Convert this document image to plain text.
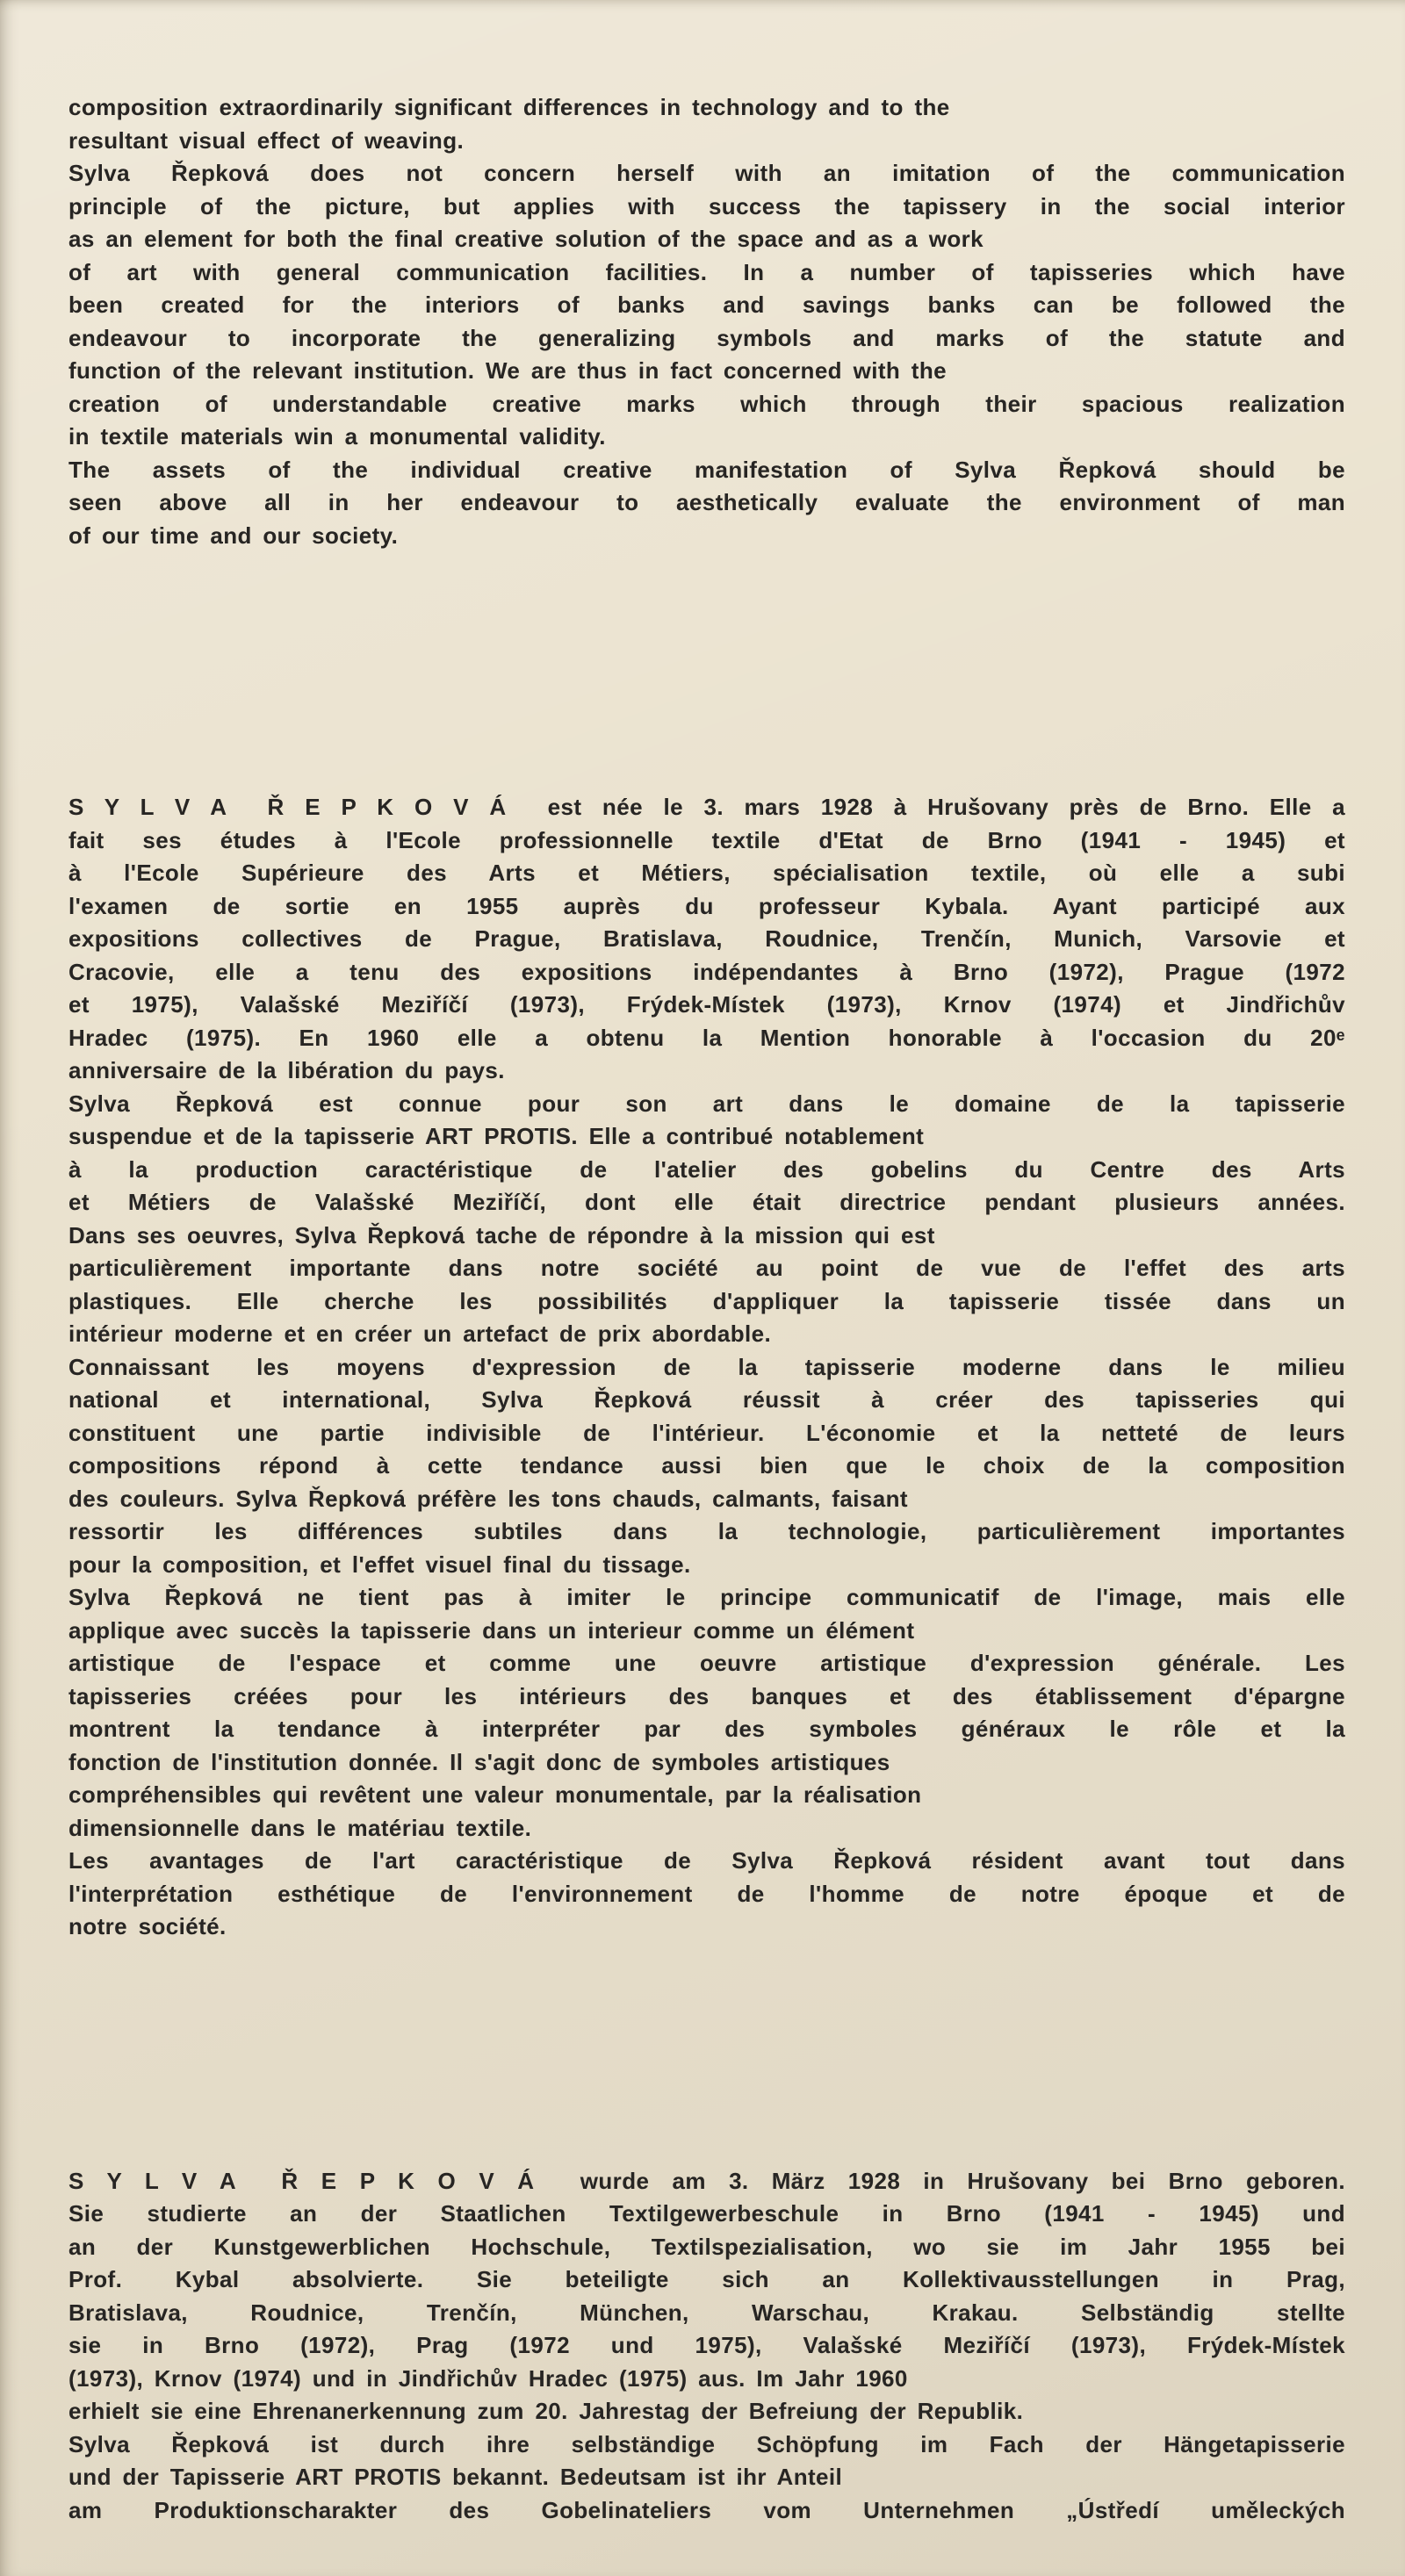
composition extraordinarily significant differences in technology and to the
resultant visual effect of weaving.
Sylva Řepková does not concern herself with an imitation of the communication
principle of the picture, but applies with success the tapissery in the social interior
as an element for both the final creative solution of the space and as a work
of art with general communication facilities. In a number of tapisseries which have
been created for the interiors of banks and savings banks can be followed the
endeavour to incorporate the generalizing symbols and marks of the statute and
function of the relevant institution. We are thus in fact concerned with the
creation of understandable creative marks which through their spacious realization
in textile materials win a monumental validity.
The assets of the individual creative manifestation of Sylva Řepková should be
seen above all in her endeavour to aesthetically evaluate the environment of man
of our time and our society.
S Y L V A  Ř E P K O V Á  est née le 3. mars 1928 à Hrušovany près de Brno. Elle a
fait ses études à l'Ecole professionnelle textile d'Etat de Brno (1941 - 1945) et
à l'Ecole Supérieure des Arts et Métiers, spécialisation textile, où elle a subi
l'examen de sortie en 1955 auprès du professeur Kybala. Ayant participé aux
expositions collectives de Prague, Bratislava, Roudnice, Trenčín, Munich, Varsovie et
Cracovie, elle a tenu des expositions indépendantes à Brno (1972), Prague (1972
et 1975), Valašské Meziříčí (1973), Frýdek-Místek (1973), Krnov (1974) et Jindřichův
Hradec (1975). En 1960 elle a obtenu la Mention honorable à l'occasion du 20ᵉ
anniversaire de la libération du pays.
Sylva Řepková est connue pour son art dans le domaine de la tapisserie
suspendue et de la tapisserie ART PROTIS. Elle a contribué notablement
à la production caractéristique de l'atelier des gobelins du Centre des Arts
et Métiers de Valašské Meziříčí, dont elle était directrice pendant plusieurs années.
Dans ses oeuvres, Sylva Řepková tache de répondre à la mission qui est
particulièrement importante dans notre société au point de vue de l'effet des arts
plastiques. Elle cherche les possibilités d'appliquer la tapisserie tissée dans un
intérieur moderne et en créer un artefact de prix abordable.
Connaissant les moyens d'expression de la tapisserie moderne dans le milieu
national et international, Sylva Řepková réussit à créer des tapisseries qui
constituent une partie indivisible de l'intérieur. L'économie et la netteté de leurs
compositions répond à cette tendance aussi bien que le choix de la composition
des couleurs. Sylva Řepková préfère les tons chauds, calmants, faisant
ressortir les différences subtiles dans la technologie, particulièrement importantes
pour la composition, et l'effet visuel final du tissage.
Sylva Řepková ne tient pas à imiter le principe communicatif de l'image, mais elle
applique avec succès la tapisserie dans un interieur comme un élément
artistique de l'espace et comme une oeuvre artistique d'expression générale. Les
tapisseries créées pour les intérieurs des banques et des établissement d'épargne
montrent la tendance à interpréter par des symboles généraux le rôle et la
fonction de l'institution donnée. Il s'agit donc de symboles artistiques
compréhensibles qui revêtent une valeur monumentale, par la réalisation
dimensionnelle dans le matériau textile.
Les avantages de l'art caractéristique de Sylva Řepková résident avant tout dans
l'interprétation esthétique de l'environnement de l'homme de notre époque et de
notre société.
S Y L V A  Ř E P K O V Á  wurde am 3. März 1928 in Hrušovany bei Brno geboren.
Sie studierte an der Staatlichen Textilgewerbeschule in Brno (1941 - 1945) und
an der Kunstgewerblichen Hochschule, Textilspezialisation, wo sie im Jahr 1955 bei
Prof. Kybal absolvierte. Sie beteiligte sich an Kollektivausstellungen in Prag,
Bratislava, Roudnice, Trenčín, München, Warschau, Krakau. Selbständig stellte
sie in Brno (1972), Prag (1972 und 1975), Valašské Meziříčí (1973), Frýdek-Místek
(1973), Krnov (1974) und in Jindřichův Hradec (1975) aus. Im Jahr 1960
erhielt sie eine Ehrenanerkennung zum 20. Jahrestag der Befreiung der Republik.
Sylva Řepková ist durch ihre selbständige Schöpfung im Fach der Hängetapisserie
und der Tapisserie ART PROTIS bekannt. Bedeutsam ist ihr Anteil
am Produktionscharakter des Gobelinateliers vom Unternehmen „Ústředí uměleckých
